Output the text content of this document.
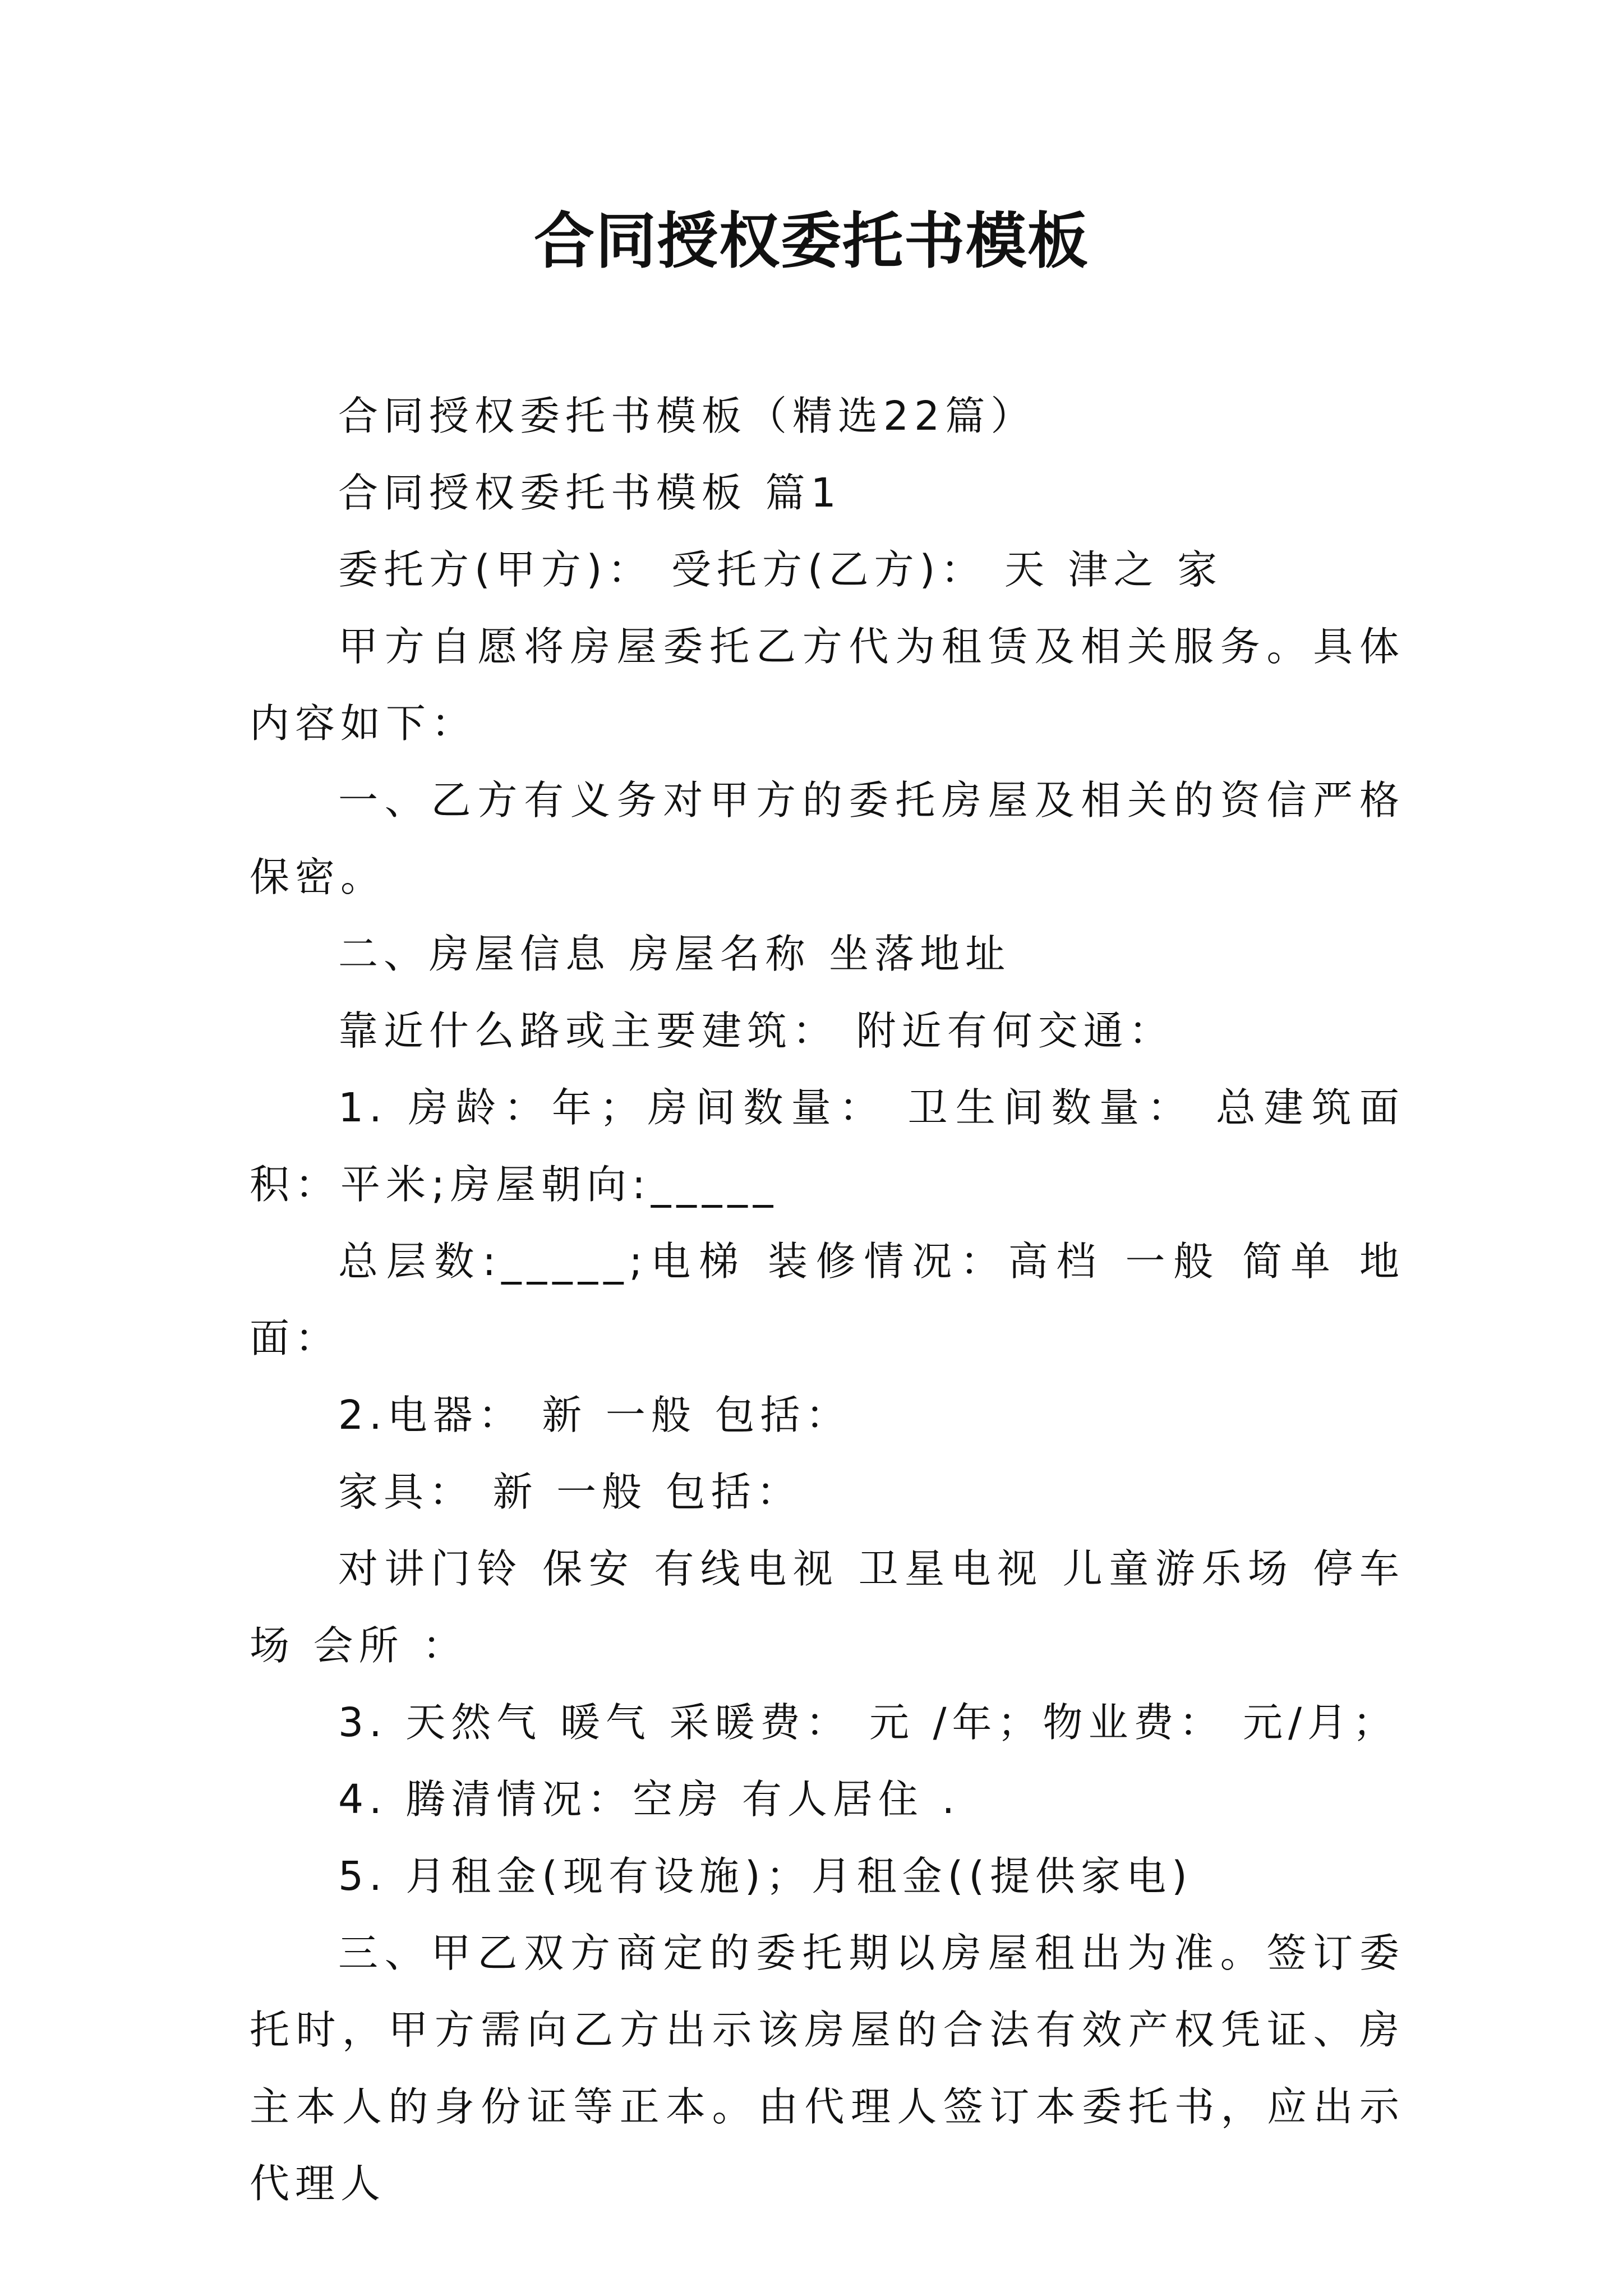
合同授权委托书模板

合同授权委托书模板（精选22篇）

合同授权委托书模板 篇1

委托方(甲方)： 受托方(乙方)： 天 津之 家

甲方自愿将房屋委托乙方代为租赁及相关服务。具体内容如下：

一、乙方有义务对甲方的委托房屋及相关的资信严格保密。

二、房屋信息 房屋名称 坐落地址

靠近什么路或主要建筑： 附近有何交通：

1. 房龄：年；房间数量： 卫生间数量： 总建筑面积：平米;房屋朝向:_____

总层数:_____;电梯 装修情况：高档 一般 简单 地面：

2.电器： 新 一般 包括：

家具： 新 一般 包括：

对讲门铃 保安 有线电视 卫星电视 儿童游乐场 停车场 会所 ：

3. 天然气 暖气 采暖费： 元 /年；物业费： 元/月；

4. 腾清情况：空房 有人居住 .

5. 月租金(现有设施)；月租金((提供家电)

三、甲乙双方商定的委托期以房屋租出为准。签订委托时，甲方需向乙方出示该房屋的合法有效产权凭证、房主本人的身份证等正本。由代理人签订本委托书，应出示代理人
